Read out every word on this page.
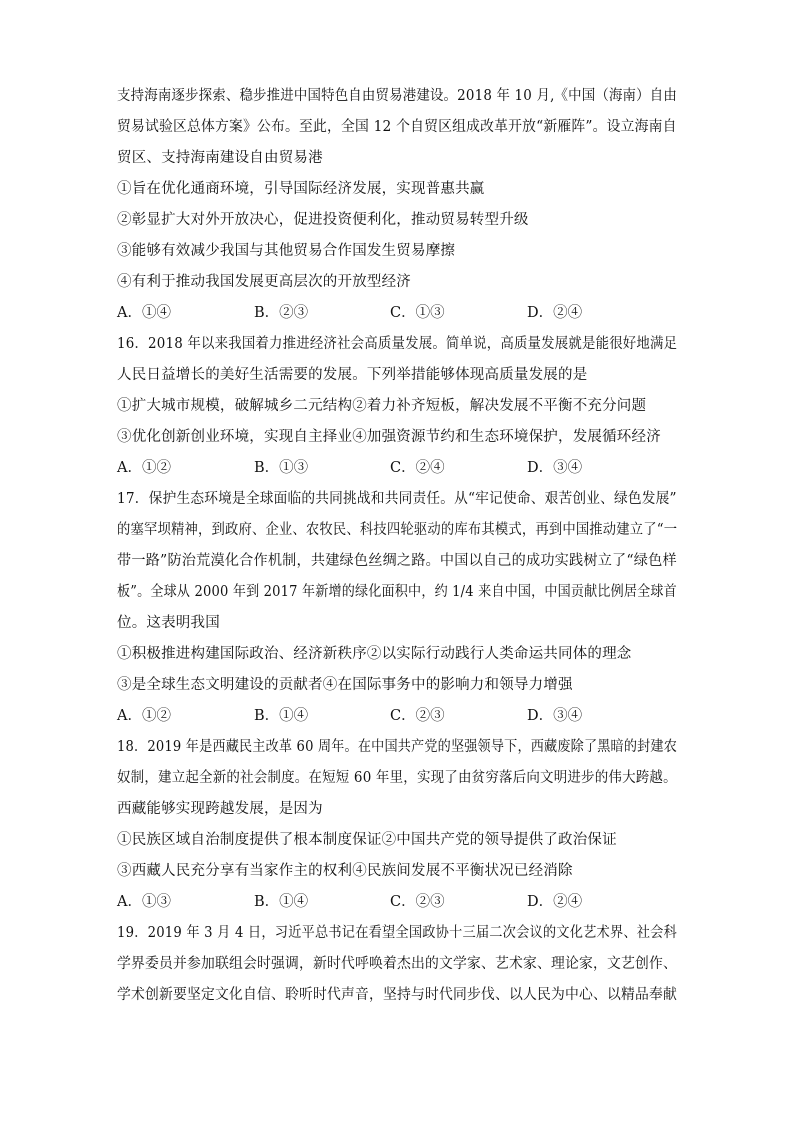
支持海南逐步探索、稳步推进中国特色自由贸易港建设。2018 年 10 月,《中国（海南）自由
贸易试验区总体方案》公布。至此，全国 12 个自贸区组成改革开放“新雁阵”。设立海南自
贸区、支持海南建设自由贸易港
①旨在优化通商环境，引导国际经济发展，实现普惠共赢
②彰显扩大对外开放决心，促进投资便利化，推动贸易转型升级
③能够有效减少我国与其他贸易合作国发生贸易摩擦
④有利于推动我国发展更高层次的开放型经济
A．①④	B．②③	C．①③	D．②④
16．2018 年以来我国着力推进经济社会高质量发展。简单说，高质量发展就是能很好地满足
人民日益增长的美好生活需要的发展。下列举措能够体现高质量发展的是
①扩大城市规模，破解城乡二元结构②着力补齐短板，解决发展不平衡不充分问题
③优化创新创业环境，实现自主择业④加强资源节约和生态环境保护，发展循环经济
A．①②	B．①③	C．②④	D．③④
17．保护生态环境是全球面临的共同挑战和共同责任。从“牢记使命、艰苦创业、绿色发展”
的塞罕坝精神，到政府、企业、农牧民、科技四轮驱动的库布其模式，再到中国推动建立了“一
带一路”防治荒漠化合作机制，共建绿色丝绸之路。中国以自己的成功实践树立了“绿色样
板”。全球从 2000 年到 2017 年新增的绿化面积中，约 1/4 来自中国，中国贡献比例居全球首
位。这表明我国
①积极推进构建国际政治、经济新秩序②以实际行动践行人类命运共同体的理念
③是全球生态文明建设的贡献者④在国际事务中的影响力和领导力增强
A．①②	B．①④	C．②③	D．③④
18．2019 年是西藏民主改革 60 周年。在中国共产党的坚强领导下，西藏废除了黑暗的封建农
奴制，建立起全新的社会制度。在短短 60 年里，实现了由贫穷落后向文明进步的伟大跨越。
西藏能够实现跨越发展，是因为
①民族区域自治制度提供了根本制度保证②中国共产党的领导提供了政治保证
③西藏人民充分享有当家作主的权利④民族间发展不平衡状况已经消除
A．①③	B．①④	C．②③	D．②④
19．2019 年 3 月 4 日，习近平总书记在看望全国政协十三届二次会议的文化艺术界、社会科
学界委员并参加联组会时强调，新时代呼唤着杰出的文学家、艺术家、理论家，文艺创作、
学术创新要坚定文化自信、聆听时代声音，坚持与时代同步伐、以人民为中心、以精品奉献
